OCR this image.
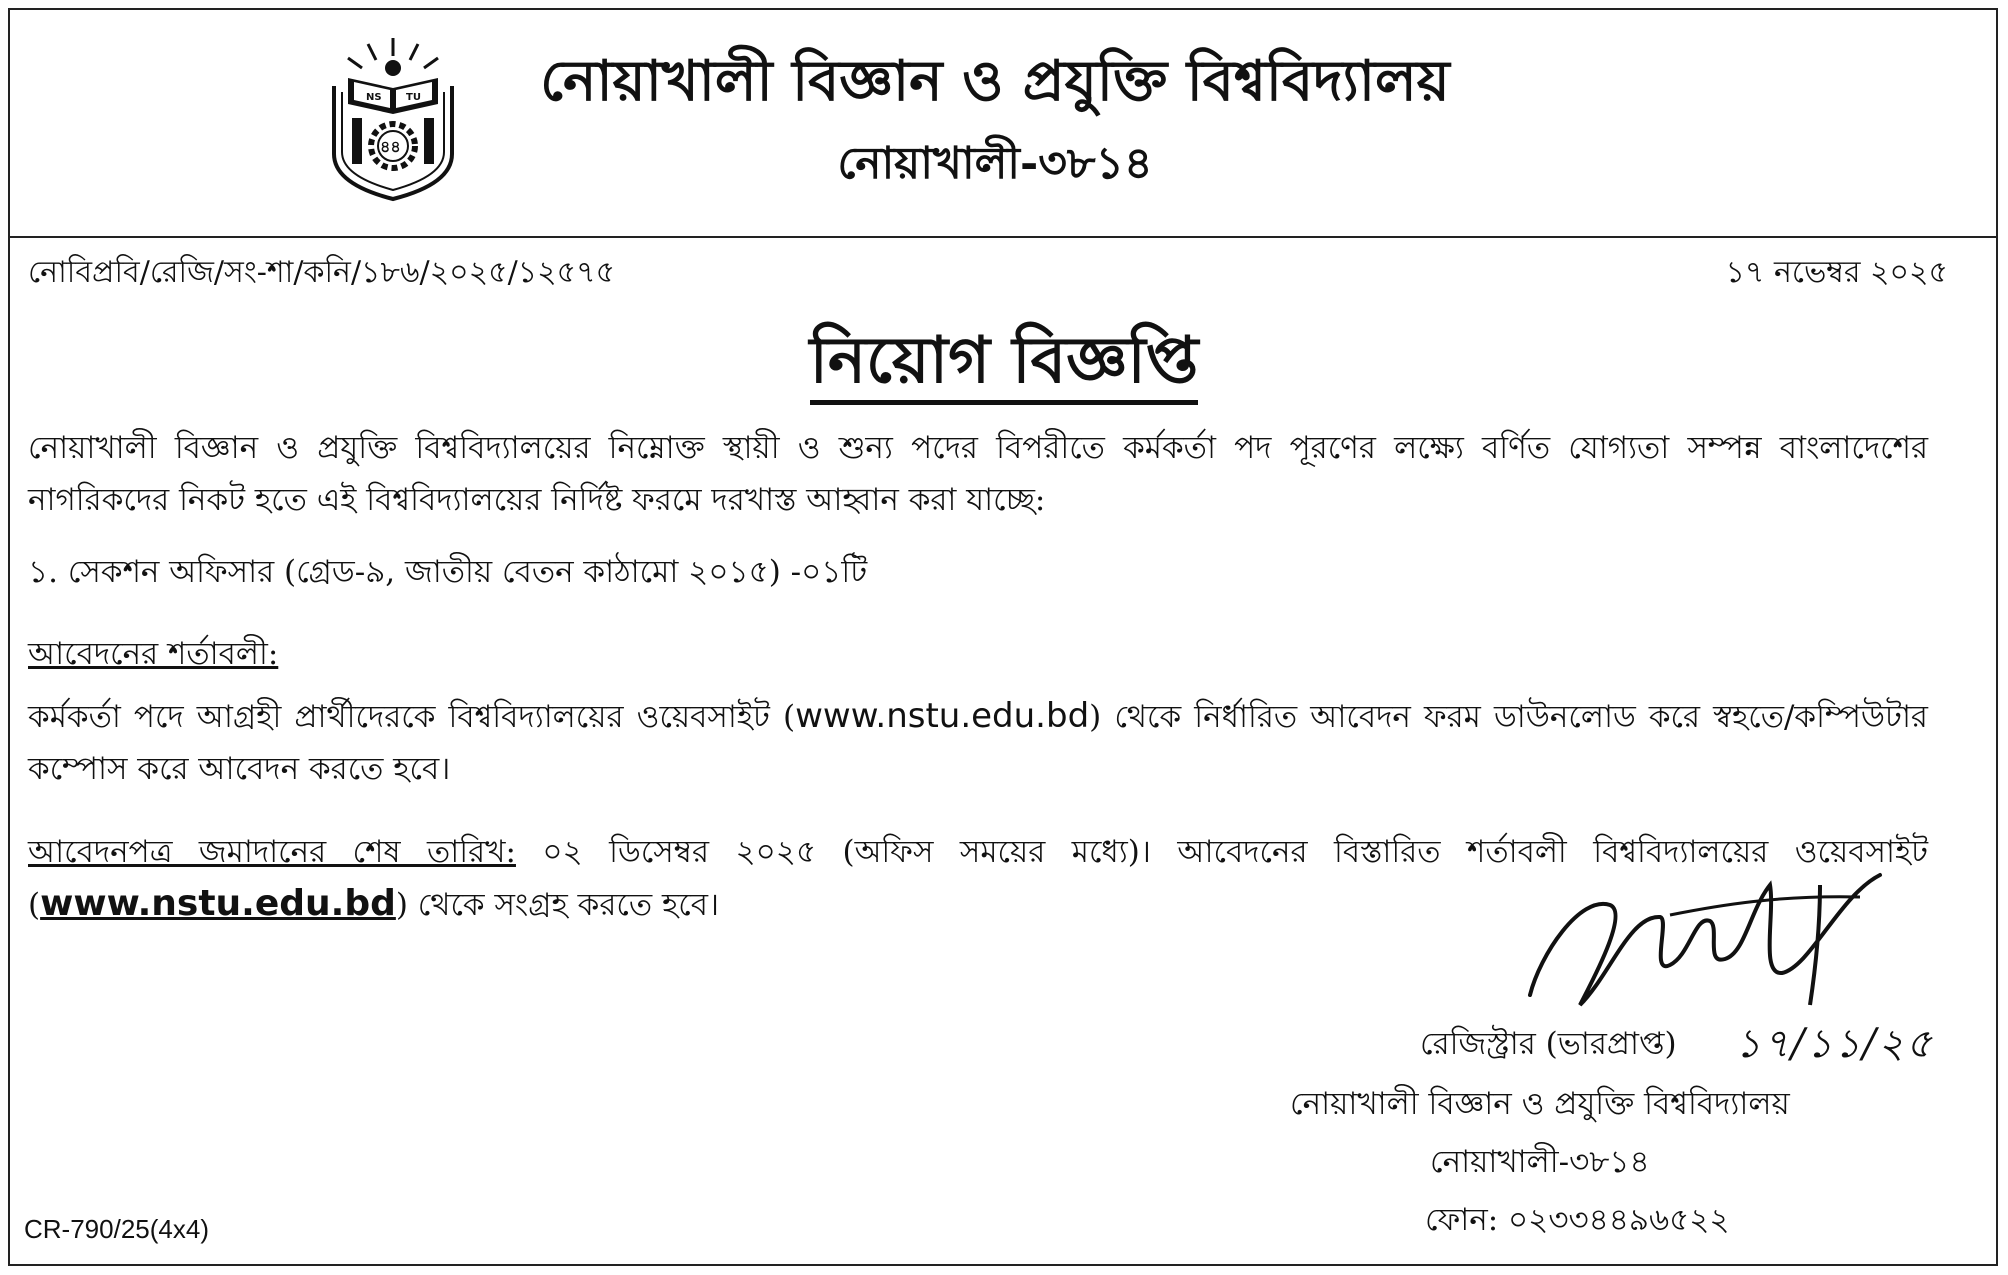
NS TU
৪৪
নোয়াখালী বিজ্ঞান ও প্রযুক্তি বিশ্ববিদ্যালয়
নোয়াখালী-৩৮১৪
নোবিপ্রবি/রেজি/সং-শা/কনি/১৮৬/২০২৫/১২৫৭৫	১৭ নভেম্বর ২০২৫
নিয়োগ বিজ্ঞপ্তি
নোয়াখালী বিজ্ঞান ও প্রযুক্তি বিশ্ববিদ্যালয়ের নিম্নোক্ত স্থায়ী ও শুন্য পদের বিপরীতে কর্মকর্তা পদ পূরণের লক্ষ্যে বর্ণিত যোগ্যতা সম্পন্ন বাংলাদেশের নাগরিকদের নিকট হতে এই বিশ্ববিদ্যালয়ের নির্দিষ্ট ফরমে দরখাস্ত আহ্বান করা যাচ্ছে:
১. সেকশন অফিসার (গ্রেড-৯, জাতীয় বেতন কাঠামো ২০১৫) -০১টি
আবেদনের শর্তাবলী:
কর্মকর্তা পদে আগ্রহী প্রার্থীদেরকে বিশ্ববিদ্যালয়ের ওয়েবসাইট (www.nstu.edu.bd) থেকে নির্ধারিত আবেদন ফরম ডাউনলোড করে স্বহতে/কম্পিউটার কম্পোস করে আবেদন করতে হবে।
আবেদনপত্র জমাদানের শেষ তারিখ: ০২ ডিসেম্বর ২০২৫ (অফিস সময়ের মধ্যে)। আবেদনের বিস্তারিত শর্তাবলী বিশ্ববিদ্যালয়ের ওয়েবসাইট (www.nstu.edu.bd) থেকে সংগ্রহ করতে হবে।
রেজিস্ট্রার (ভারপ্রাপ্ত) ১৭/১১/২৫
নোয়াখালী বিজ্ঞান ও প্রযুক্তি বিশ্ববিদ্যালয়
নোয়াখালী-৩৮১৪
ফোন: ০২৩৩৪৪৯৬৫২২
CR-790/25(4x4)
